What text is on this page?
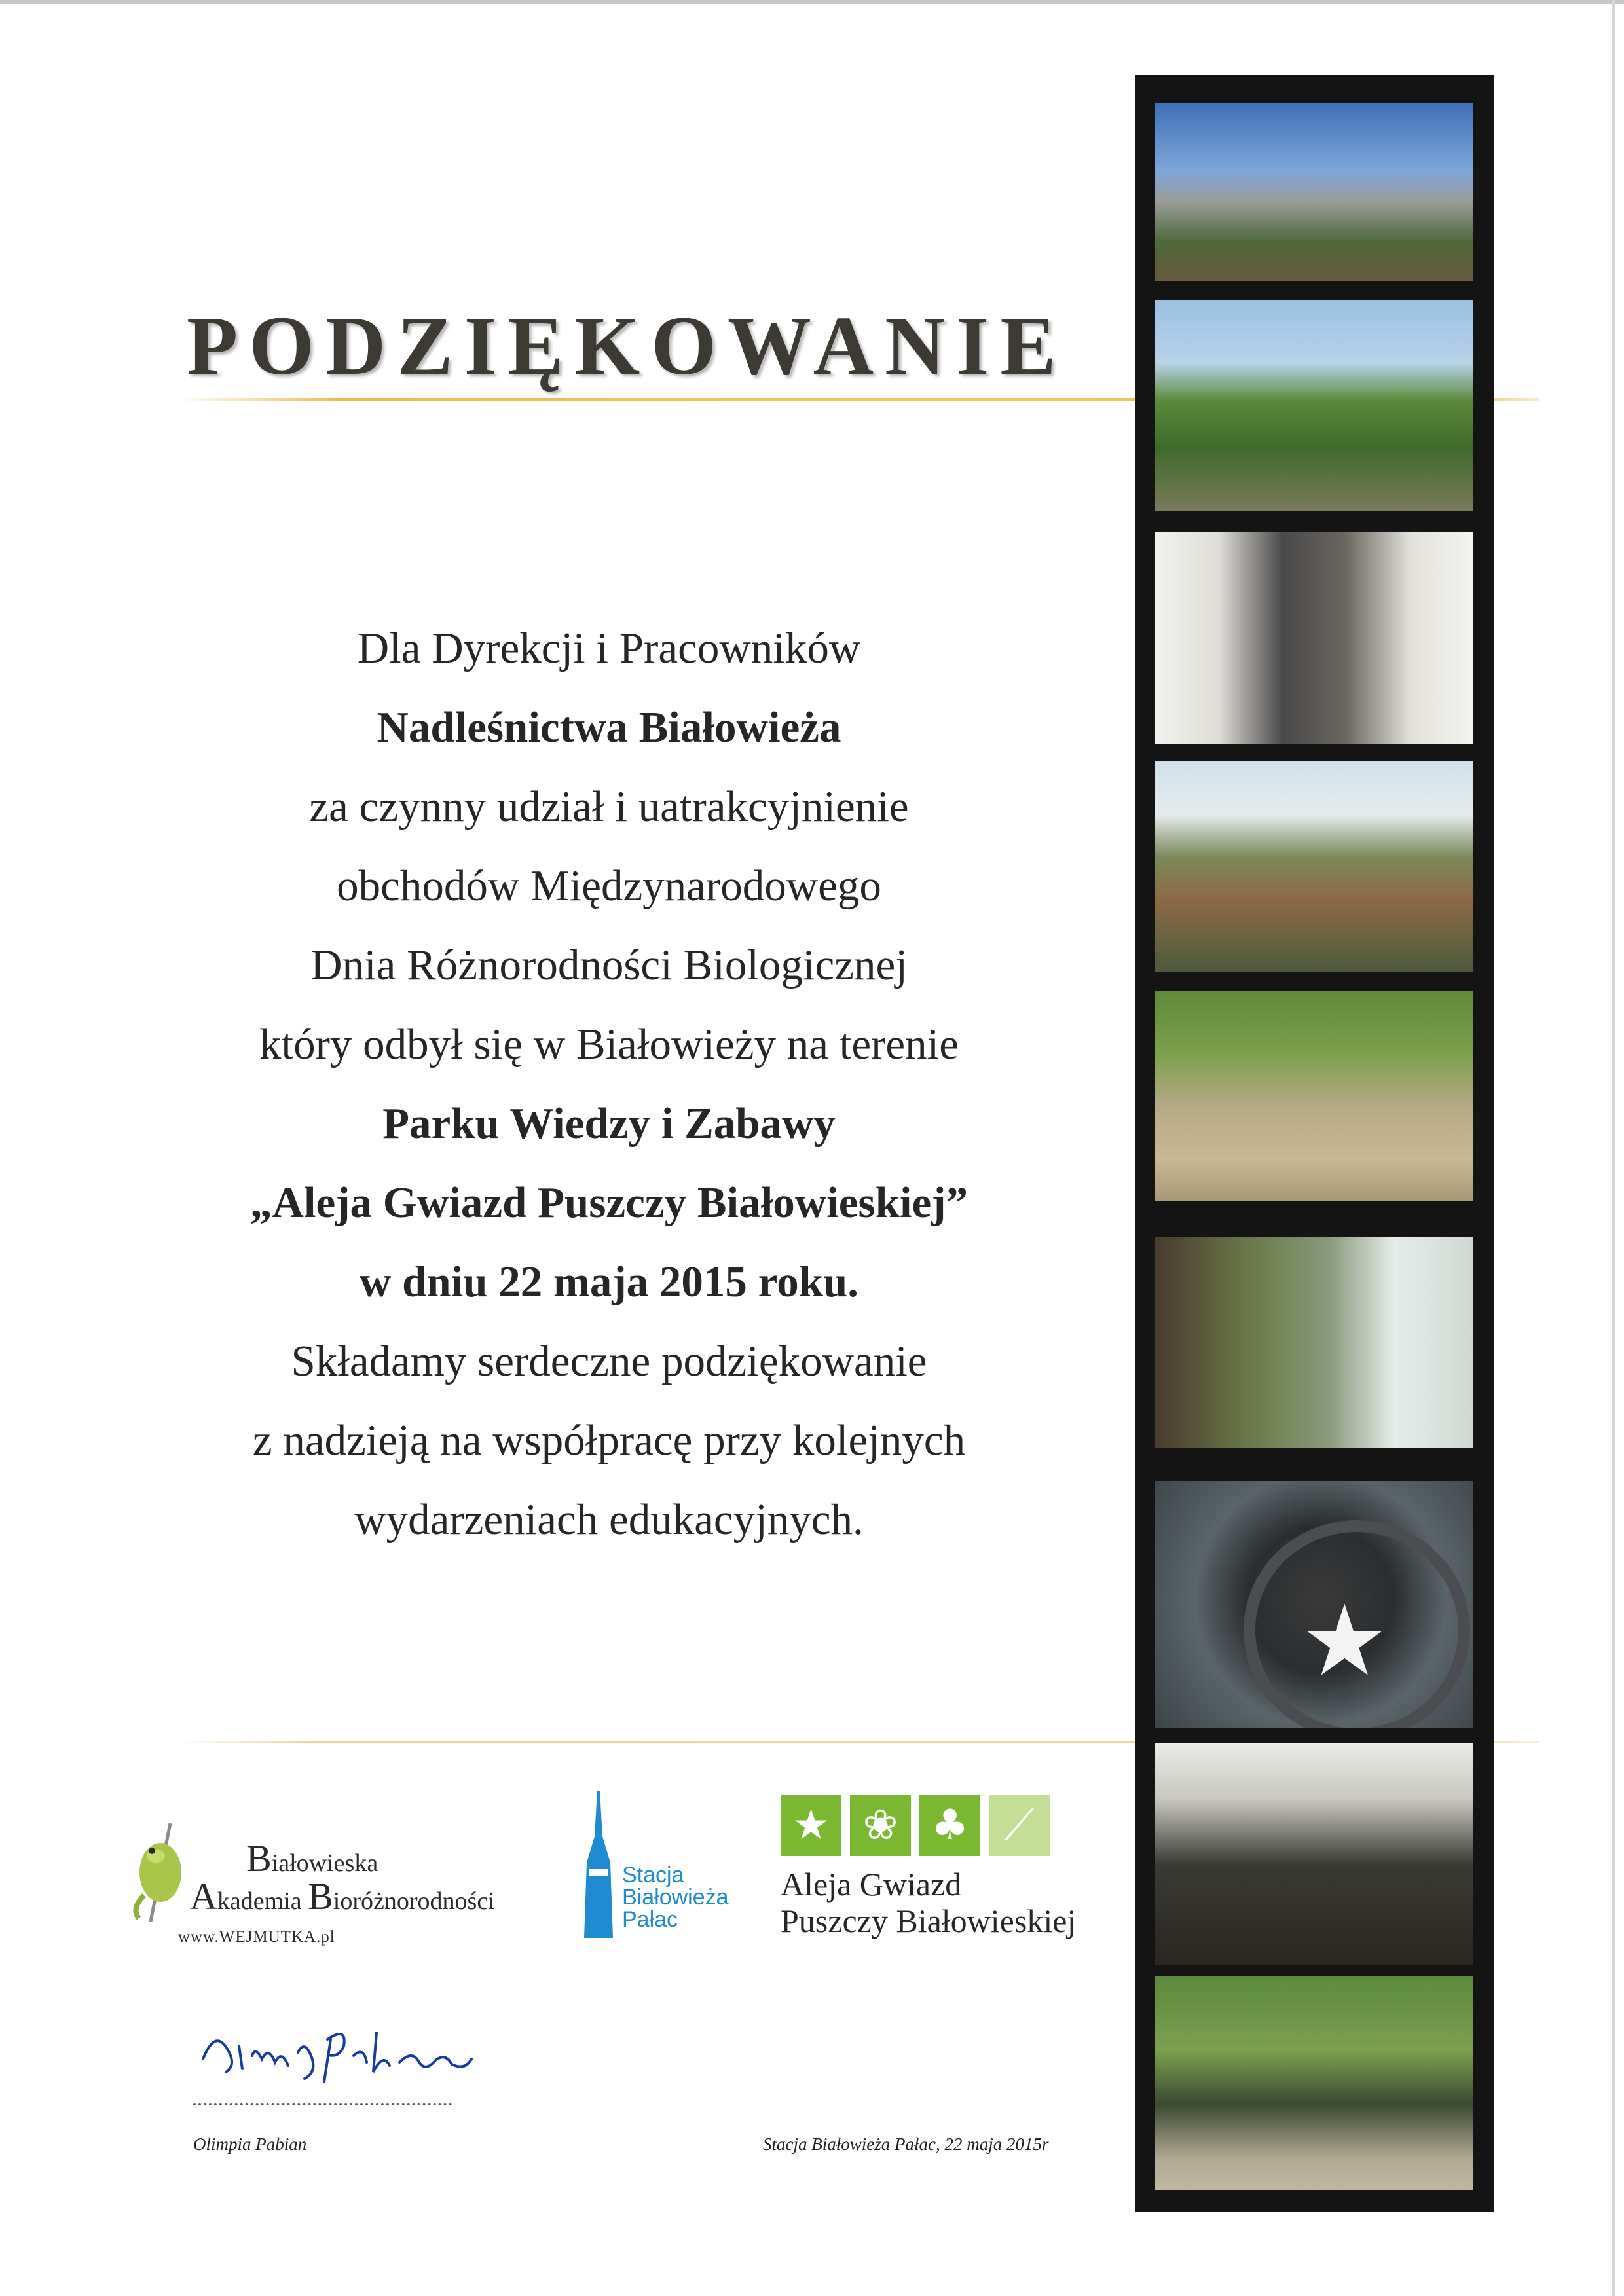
PODZIĘKOWANIE
Dla Dyrekcji i Pracowników
Nadleśnictwa Białowieża
za czynny udział i uatrakcyjnienie
obchodów Międzynarodowego
Dnia Różnorodności Biologicznej
który odbył się w Białowieży na terenie
Parku Wiedzy i Zabawy
„Aleja Gwiazd Puszczy Białowieskiej”
w dniu 22 maja 2015 roku.
Składamy serdeczne podziękowanie
z nadzieją na współpracę przy kolejnych
wydarzeniach edukacyjnych.
★
Białowieska
Akademia Bioróżnorodności
www.WEJMUTKA.pl
Stacja
Białowieża
Pałac
★ ❀ ♣ ⟋
Aleja Gwiazd
Puszczy Białowieskiej
Olimpia Pabian	Stacja Białowieża Pałac, 22 maja 2015r
